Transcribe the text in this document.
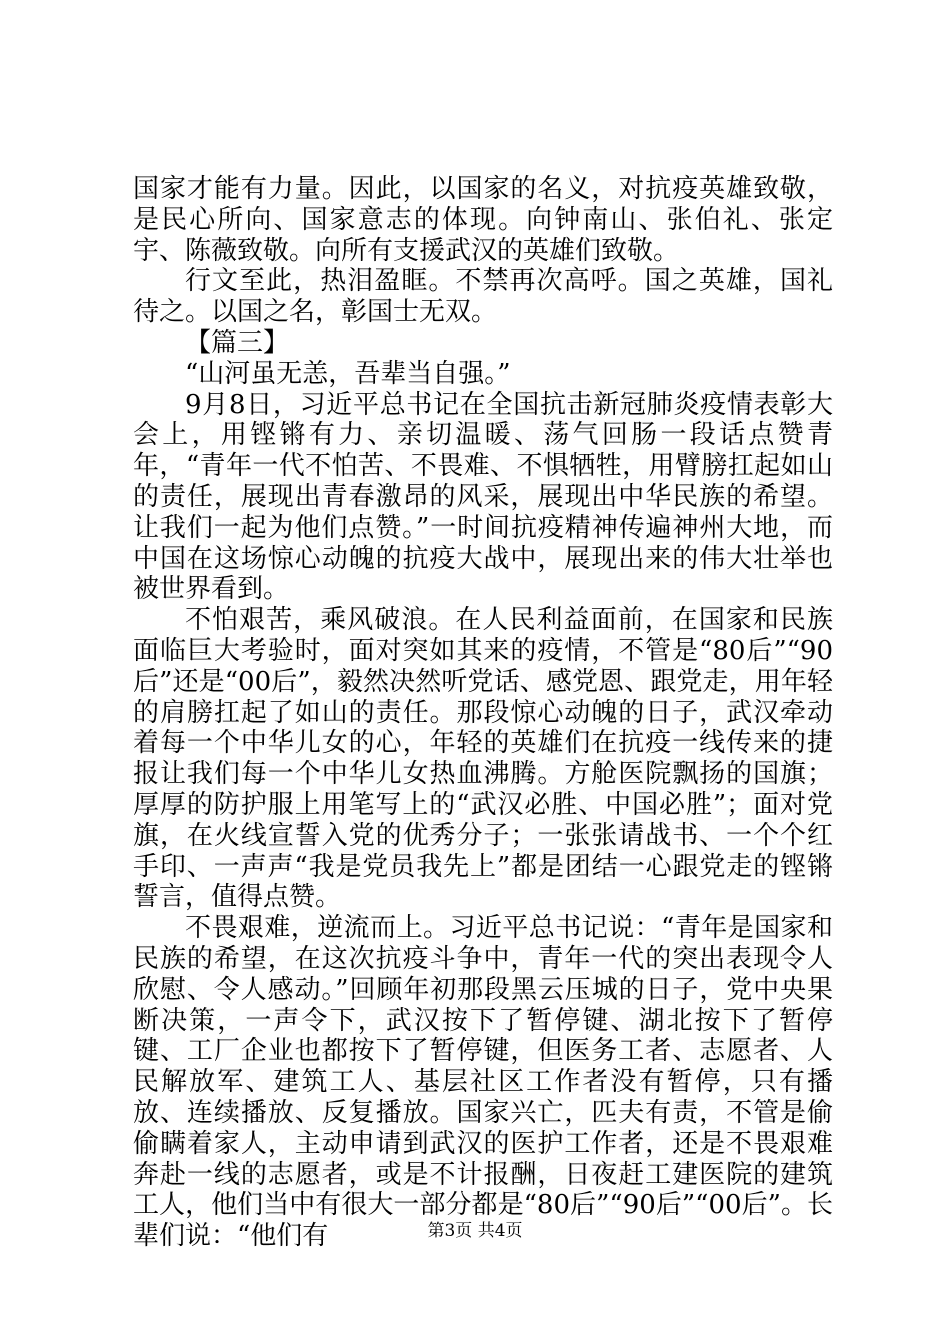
国家才能有力量。因此，以国家的名义，对抗疫英雄致敬，是民心所向、国家意志的体现。向钟南山、张伯礼、张定宇、陈薇致敬。向所有支援武汉的英雄们致敬。

行文至此，热泪盈眶。不禁再次高呼。国之英雄，国礼待之。以国之名，彰国士无双。

【篇三】

“山河虽无恙，吾辈当自强。”

9月8日，习近平总书记在全国抗击新冠肺炎疫情表彰大会上，用铿锵有力、亲切温暖、荡气回肠一段话点赞青年，“青年一代不怕苦、不畏难、不惧牺牲，用臂膀扛起如山的责任，展现出青春激昂的风采，展现出中华民族的希望。让我们一起为他们点赞。”一时间抗疫精神传遍神州大地，而中国在这场惊心动魄的抗疫大战中，展现出来的伟大壮举也被世界看到。

不怕艰苦，乘风破浪。在人民利益面前，在国家和民族面临巨大考验时，面对突如其来的疫情，不管是“80后”“90后”还是“00后”，毅然决然听党话、感党恩、跟党走，用年轻的肩膀扛起了如山的责任。那段惊心动魄的日子，武汉牵动着每一个中华儿女的心，年轻的英雄们在抗疫一线传来的捷报让我们每一个中华儿女热血沸腾。方舱医院飘扬的国旗；厚厚的防护服上用笔写上的“武汉必胜、中国必胜”；面对党旗，在火线宣誓入党的优秀分子；一张张请战书、一个个红手印、一声声“我是党员我先上”都是团结一心跟党走的铿锵誓言，值得点赞。

不畏艰难，逆流而上。习近平总书记说：“青年是国家和民族的希望，在这次抗疫斗争中，青年一代的突出表现令人欣慰、令人感动。”回顾年初那段黑云压城的日子，党中央果断决策，一声令下，武汉按下了暂停键、湖北按下了暂停键、工厂企业也都按下了暂停键，但医务工者、志愿者、人民解放军、建筑工人、基层社区工作者没有暂停，只有播放、连续播放、反复播放。国家兴亡，匹夫有责，不管是偷偷瞒着家人，主动申请到武汉的医护工作者，还是不畏艰难奔赴一线的志愿者，或是不计报酬，日夜赶工建医院的建筑工人，他们当中有很大一部分都是“80后”“90后”“00后”。长辈们说：“他们有	第3页 共4页
